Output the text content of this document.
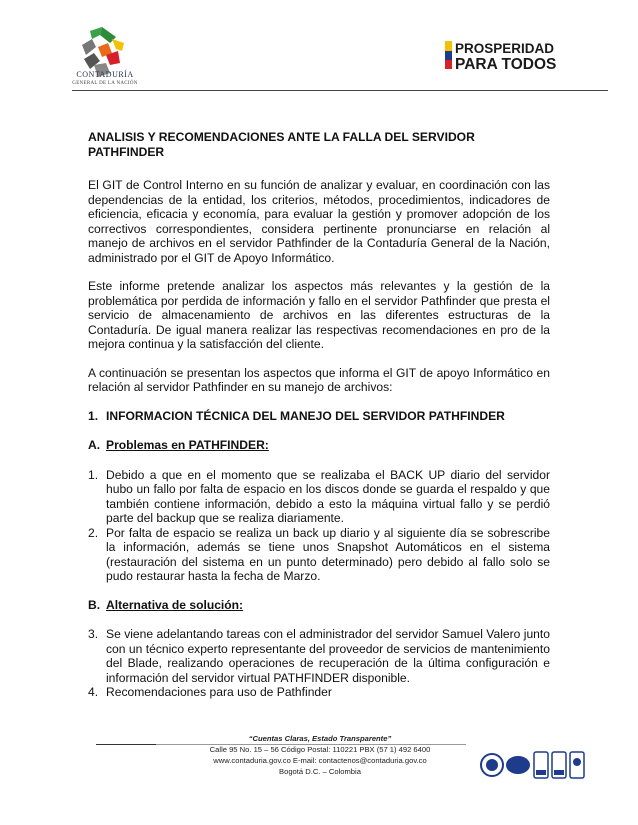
CONTADURÍA
GENERAL DE LA NACIÓN
PROSPERIDAD
PARA TODOS

ANALISIS Y RECOMENDACIONES ANTE LA FALLA DEL SERVIDOR PATHFINDER

El GIT de Control Interno en su función de analizar y evaluar, en coordinación con las dependencias de la entidad, los criterios, métodos, procedimientos, indicadores de eficiencia, eficacia y economía, para evaluar la gestión y promover adopción de los correctivos correspondientes, considera pertinente pronunciarse en relación al manejo de archivos en el servidor Pathfinder de la Contaduría General de la Nación, administrado por el GIT de Apoyo Informático.

Este informe pretende analizar los aspectos más relevantes y la gestión de la problemática por perdida de información y fallo en el servidor Pathfinder que presta el servicio de almacenamiento de archivos en las diferentes estructuras de la Contaduría. De igual manera realizar las respectivas recomendaciones en pro de la mejora continua y la satisfacción del cliente.

A continuación se presentan los aspectos que informa el GIT de apoyo Informático en relación al servidor Pathfinder en su manejo de archivos:

1. INFORMACION TÉCNICA DEL MANEJO DEL SERVIDOR PATHFINDER

A. Problemas en PATHFINDER:

1. Debido a que en el momento que se realizaba el BACK UP diario del servidor hubo un fallo por falta de espacio en los discos donde se guarda el respaldo y que también contiene información, debido a esto la máquina virtual fallo y se perdió parte del backup que se realiza diariamente.
2. Por falta de espacio se realiza un back up diario y al siguiente día se sobrescribe la información, además se tiene unos Snapshot Automáticos en el sistema (restauración del sistema en un punto determinado) pero debido al fallo solo se pudo restaurar hasta la fecha de Marzo.

B. Alternativa de solución:

3. Se viene adelantando tareas con el administrador del servidor Samuel Valero junto con un técnico experto representante del proveedor de servicios de mantenimiento del Blade, realizando operaciones de recuperación de la última configuración e información del servidor virtual PATHFINDER disponible.
4. Recomendaciones para uso de Pathfinder
“Cuentas Claras, Estado Transparente”
Calle 95 No. 15 – 56 Código Postal: 110221 PBX (57 1) 492 6400
www.contaduria.gov.co E-mail: contactenos@contaduria.gov.co
Bogotá D.C. – Colombia
